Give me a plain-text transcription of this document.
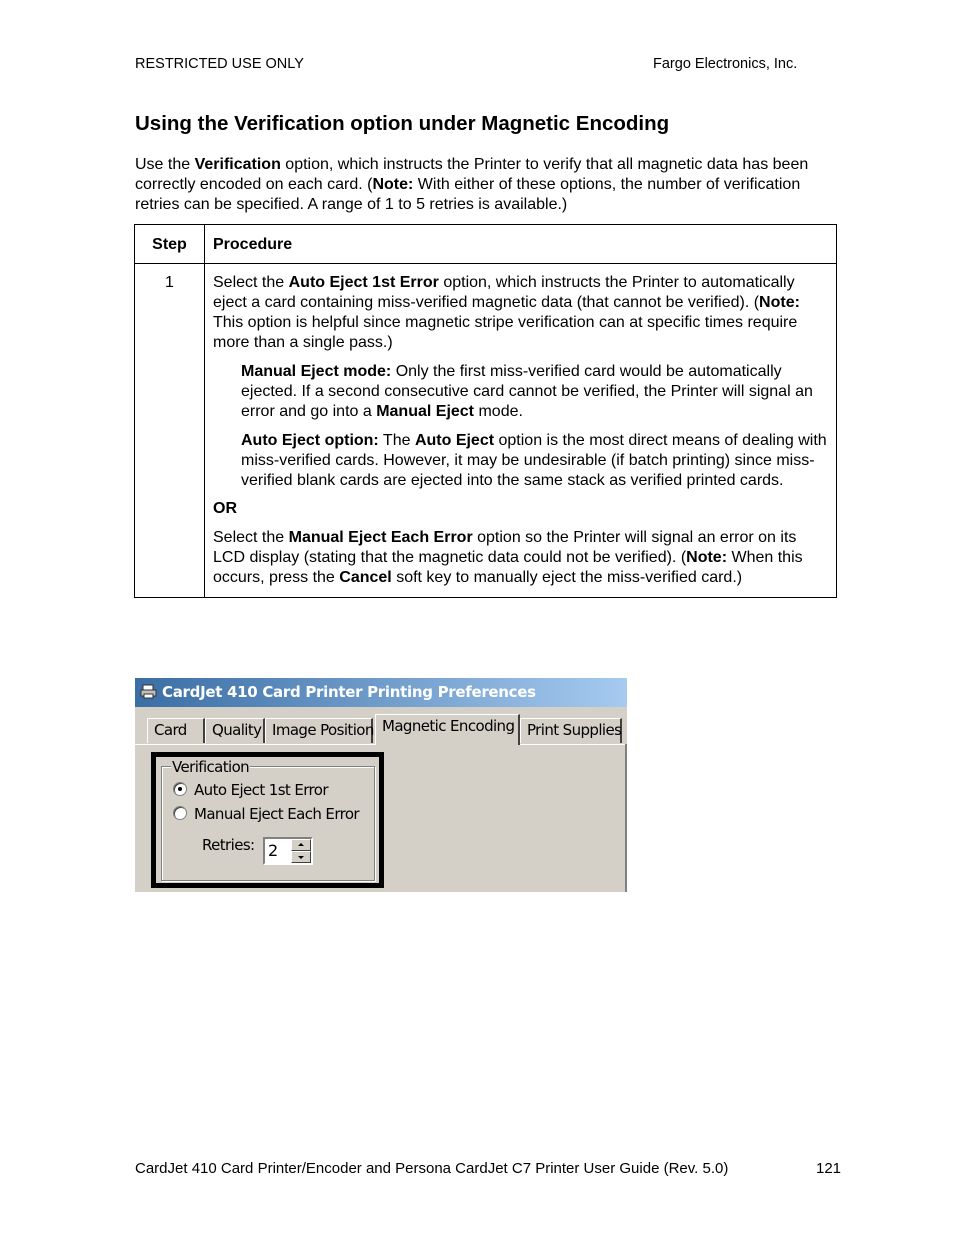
RESTRICTED USE ONLY	Fargo Electronics, Inc.
Using the Verification option under Magnetic Encoding
Use the Verification option, which instructs the Printer to verify that all magnetic data has been correctly encoded on each card. (Note: With either of these options, the number of verification retries can be specified. A range of 1 to 5 retries is available.)
Step	Procedure
1	Select the Auto Eject 1st Error option, which instructs the Printer to automatically eject a card containing miss-verified magnetic data (that cannot be verified). (Note: This option is helpful since magnetic stripe verification can at specific times require more than a single pass.)

Manual Eject mode: Only the first miss-verified card would be automatically ejected. If a second consecutive card cannot be verified, the Printer will signal an error and go into a Manual Eject mode.

Auto Eject option: The Auto Eject option is the most direct means of dealing with miss-verified cards. However, it may be undesirable (if batch printing) since miss-verified blank cards are ejected into the same stack as verified printed cards.

OR

Select the Manual Eject Each Error option so the Printer will signal an error on its LCD display (stating that the magnetic data could not be verified). (Note: When this occurs, press the Cancel soft key to manually eject the miss-verified card.)

CardJet 410 Card Printer Printing Preferences
Card	Quality Image Position Magnetic Encoding Print Supplies
Verification
Auto Eject 1st Error
Manual Eject Each Error
Retries: 2
CardJet 410 Card Printer/Encoder and Persona CardJet C7 Printer User Guide (Rev. 5.0)	121
